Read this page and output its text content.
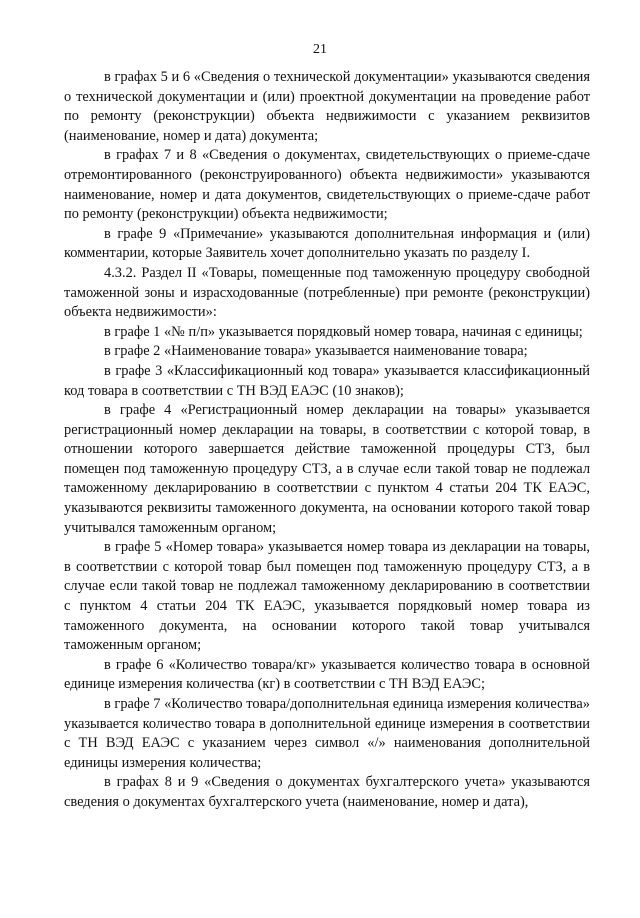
21

в графах 5 и 6 «Сведения о технической документации» указываются сведения о технической документации и (или) проектной документации на проведение работ по ремонту (реконструкции) объекта недвижимости с указанием реквизитов (наименование, номер и дата) документа;

в графах 7 и 8 «Сведения о документах, свидетельствующих о приеме-сдаче отремонтированного (реконструированного) объекта недвижимости» указываются наименование, номер и дата документов, свидетельствующих о приеме-сдаче работ по ремонту (реконструкции) объекта недвижимости;

в графе 9 «Примечание» указываются дополнительная информация и (или) комментарии, которые Заявитель хочет дополнительно указать по разделу I.

4.3.2. Раздел II «Товары, помещенные под таможенную процедуру свободной таможенной зоны и израсходованные (потребленные) при ремонте (реконструкции) объекта недвижимости»:

в графе 1 «№ п/п» указывается порядковый номер товара, начиная с единицы;

в графе 2 «Наименование товара» указывается наименование товара;

в графе 3 «Классификационный код товара» указывается классификационный код товара в соответствии с ТН ВЭД ЕАЭС (10 знаков);

в графе 4 «Регистрационный номер декларации на товары» указывается регистрационный номер декларации на товары, в соответствии с которой товар, в отношении которого завершается действие таможенной процедуры СТЗ, был помещен под таможенную процедуру СТЗ, а в случае если такой товар не подлежал таможенному декларированию в соответствии с пунктом 4 статьи 204 ТК ЕАЭС, указываются реквизиты таможенного документа, на основании которого такой товар учитывался таможенным органом;

в графе 5 «Номер товара» указывается номер товара из декларации на товары, в соответствии с которой товар был помещен под таможенную процедуру СТЗ, а в случае если такой товар не подлежал таможенному декларированию в соответствии с пунктом 4 статьи 204 ТК ЕАЭС, указывается порядковый номер товара из таможенного документа, на основании которого такой товар учитывался таможенным органом;

в графе 6 «Количество товара/кг» указывается количество товара в основной единице измерения количества (кг) в соответствии с ТН ВЭД ЕАЭС;

в графе 7 «Количество товара/дополнительная единица измерения количества» указывается количество товара в дополнительной единице измерения в соответствии с ТН ВЭД ЕАЭС с указанием через символ «/» наименования дополнительной единицы измерения количества;

в графах 8 и 9 «Сведения о документах бухгалтерского учета» указываются сведения о документах бухгалтерского учета (наименование, номер и дата),
